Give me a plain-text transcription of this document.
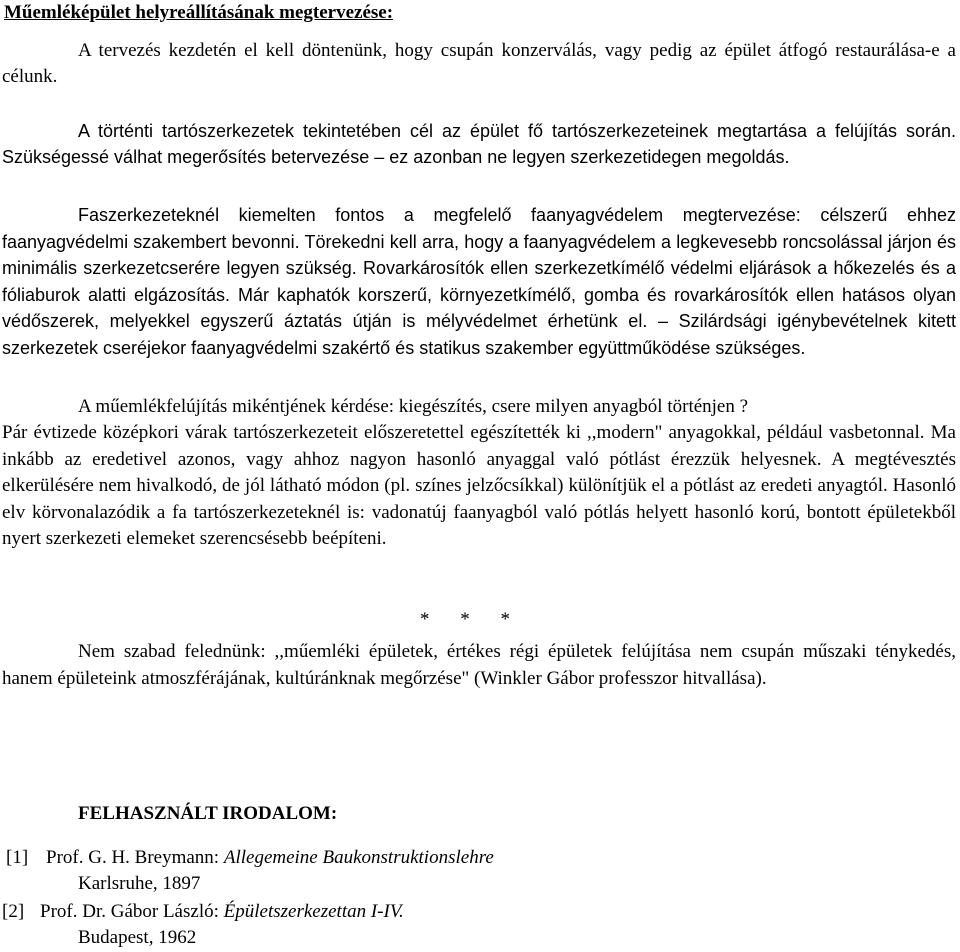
Műemléképület helyreállításának megtervezése:

A tervezés kezdetén el kell döntenünk, hogy csupán konzerválás, vagy pedig az épület átfogó restaurálása-e a célunk.

A történti tartószerkezetek tekintetében cél az épület fő tartószerkezeteinek megtartása a felújítás során. Szükségessé válhat megerősítés betervezése – ez azonban ne legyen szerkezetidegen megoldás.

Faszerkezeteknél kiemelten fontos a megfelelő faanyagvédelem megtervezése: célszerű ehhez faanyagvédelmi szakembert bevonni. Törekedni kell arra, hogy a faanyagvédelem a legkevesebb roncsolással járjon és minimális szerkezetcserére legyen szükség. Rovarkárosítók ellen szerkezetkímélő védelmi eljárások a hőkezelés és a fóliaburok alatti elgázosítás. Már kaphatók korszerű, környezetkímélő, gomba és rovarkárosítók ellen hatásos olyan védőszerek, melyekkel egyszerű áztatás útján is mélyvédelmet érhetünk el. – Szilárdsági igénybevételnek kitett szerkezetek cseréjekor faanyagvédelmi szakértő és statikus szakember együttműködése szükséges.

A műemlékfelújítás mikéntjének kérdése: kiegészítés, csere milyen anyagból történjen ?

Pár évtizede középkori várak tartószerkezeteit előszeretettel egészítették ki ,,modern" anyagokkal, például vasbetonnal. Ma inkább az eredetivel azonos, vagy ahhoz nagyon hasonló anyaggal való pótlást érezzük helyesnek. A megtévesztés elkerülésére nem hivalkodó, de jól látható módon (pl. színes jelzőcsíkkal) különítjük el a pótlást az eredeti anyagtól. Hasonló elv körvonalazódik a fa tartószerkezeteknél is: vadonatúj faanyagból való pótlás helyett hasonló korú, bontott épületekből nyert szerkezeti elemeket szerencsésebb beépíteni.

* * *

Nem szabad felednünk: ,,műemléki épületek, értékes régi épületek felújítása nem csupán műszaki ténykedés, hanem épületeink atmoszférájának, kultúránknak megőrzése" (Winkler Gábor professzor hitvallása).

FELHASZNÁLT IRODALOM:
[1] Prof. G. H. Breymann: Allegemeine Baukonstruktionslehre
Karlsruhe, 1897
[2] Prof. Dr. Gábor László: Épületszerkezettan I-IV.
Budapest, 1962
